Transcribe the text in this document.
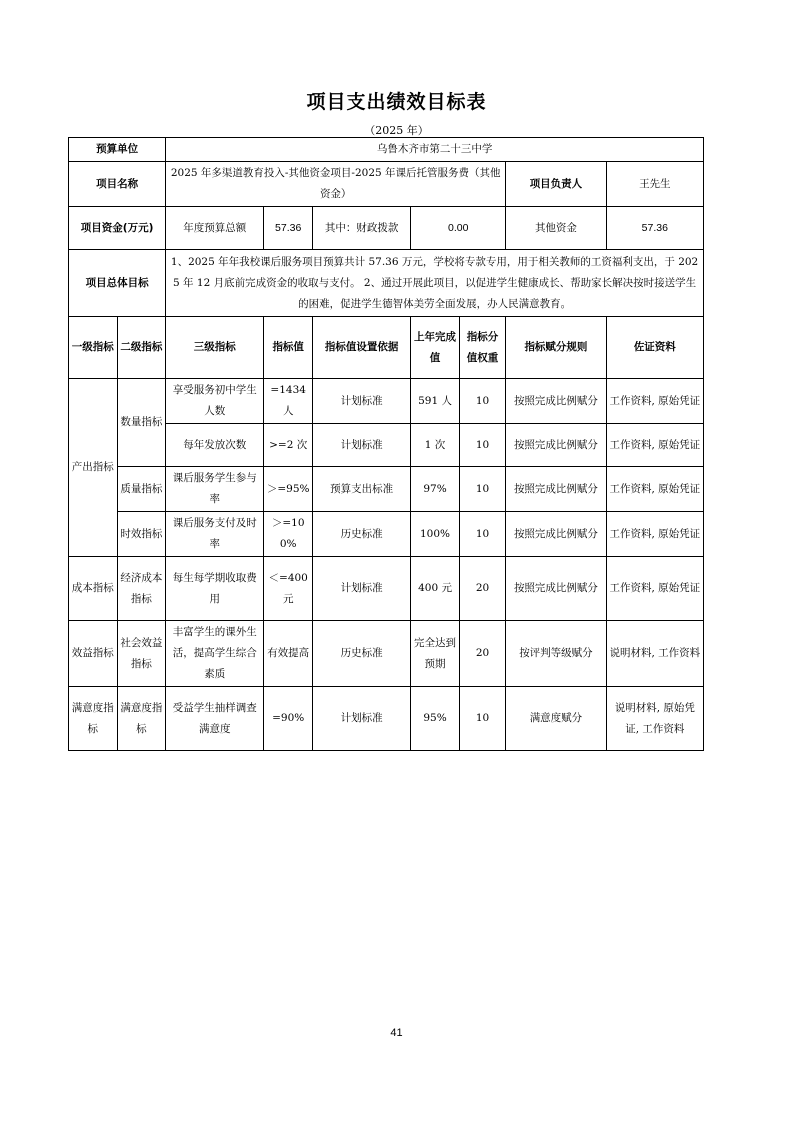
项目支出绩效目标表
（2025 年）
预算单位		乌鲁木齐市第二十三中学						
项目名称		2025 年多渠道教育投入-其他资金项目-2025 年课后托管服务费（其他资金）					项目负责人	王先生
项目资金(万元)		年度预算总额	57.36	其中：财政拨款	0.00		其他资金	57.36
项目总体目标		1、2025 年年我校课后服务项目预算共计 57.36 万元，学校将专款专用，用于相关教师的工资福利支出，于 2025 年 12 月底前完成资金的收取与支付。 2、通过开展此项目，以促进学生健康成长、帮助家长解决按时接送学生的困难，促进学生德智体美劳全面发展，办人民满意教育。						
一级指标	二级指标	三级指标	指标值	指标值设置依据	上年完成值	指标分值权重	指标赋分规则	佐证资料
产出指标	数量指标	享受服务初中学生人数	=1434 人	计划标准	591 人	10	按照完成比例赋分	工作资料, 原始凭证
		每年发放次数	>=2 次	计划标准	1 次	10	按照完成比例赋分	工作资料, 原始凭证
	质量指标	课后服务学生参与率	＞=95%	预算支出标准	97%	10	按照完成比例赋分	工作资料, 原始凭证
	时效指标	课后服务支付及时率	＞=100%	历史标准	100%	10	按照完成比例赋分	工作资料, 原始凭证
成本指标	经济成本指标	每生每学期收取费用	＜=400 元	计划标准	400 元	20	按照完成比例赋分	工作资料, 原始凭证
效益指标	社会效益指标	丰富学生的课外生活，提高学生综合素质	有效提高	历史标准	完全达到预期	20	按评判等级赋分	说明材料, 工作资料
满意度指标	满意度指标	受益学生抽样调查满意度	=90%	计划标准	95%	10	满意度赋分	说明材料, 原始凭证, 工作资料
41
